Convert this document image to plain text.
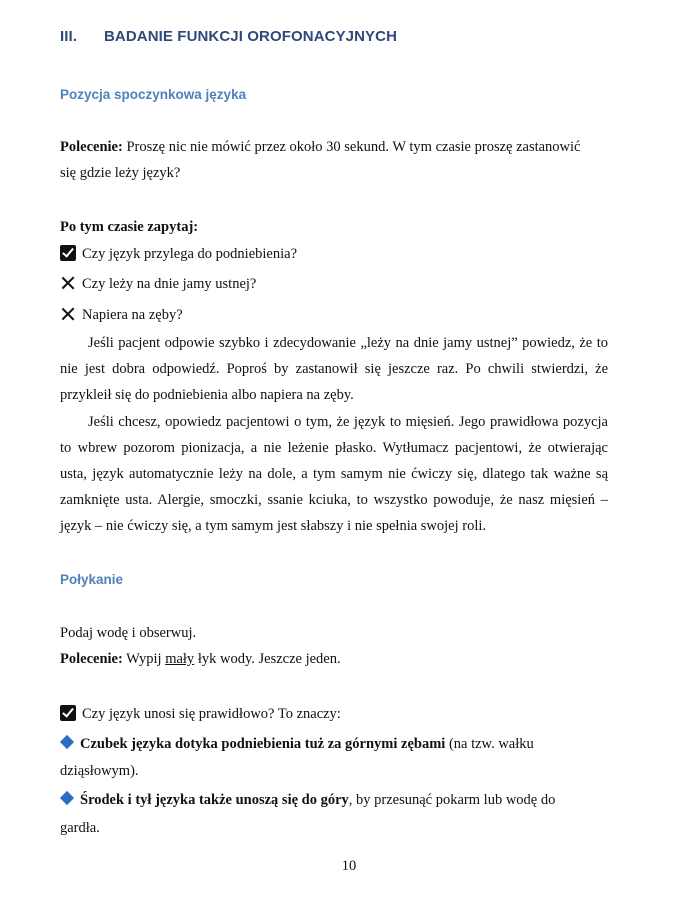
III. BADANIE FUNKCJI OROFONACYJNYCH
Pozycja spoczynkowa języka
Polecenie: Proszę nic nie mówić przez około 30 sekund. W tym czasie proszę zastanowić
się gdzie leży język?
Po tym czasie zapytaj:
Czy język przylega do podniebienia?
Czy leży na dnie jamy ustnej?
Napiera na zęby?

Jeśli pacjent odpowie szybko i zdecydowanie „leży na dnie jamy ustnej” powiedz, że to nie jest dobra odpowiedź. Poproś by zastanowił się jeszcze raz. Po chwili stwierdzi, że przykleił się do podniebienia albo napiera na zęby.

Jeśli chcesz, opowiedz pacjentowi o tym, że język to mięsień. Jego prawidłowa pozycja to wbrew pozorom pionizacja, a nie leżenie płasko. Wytłumacz pacjentowi, że otwierając usta, język automatycznie leży na dole, a tym samym nie ćwiczy się, dlatego tak ważne są zamknięte usta. Alergie, smoczki, ssanie kciuka, to wszystko powoduje, że nasz mięsień – język – nie ćwiczy się, a tym samym jest słabszy i nie spełnia swojej roli.

Połykanie
Podaj wodę i obserwuj.
Polecenie: Wypij mały łyk wody. Jeszcze jeden.
Czy język unosi się prawidłowo? To znaczy:
Czubek języka dotyka podniebienia tuż za górnymi zębami (na tzw. wałku
dziąsłowym).
Środek i tył języka także unoszą się do góry, by przesunąć pokarm lub wodę do
gardła.
10
